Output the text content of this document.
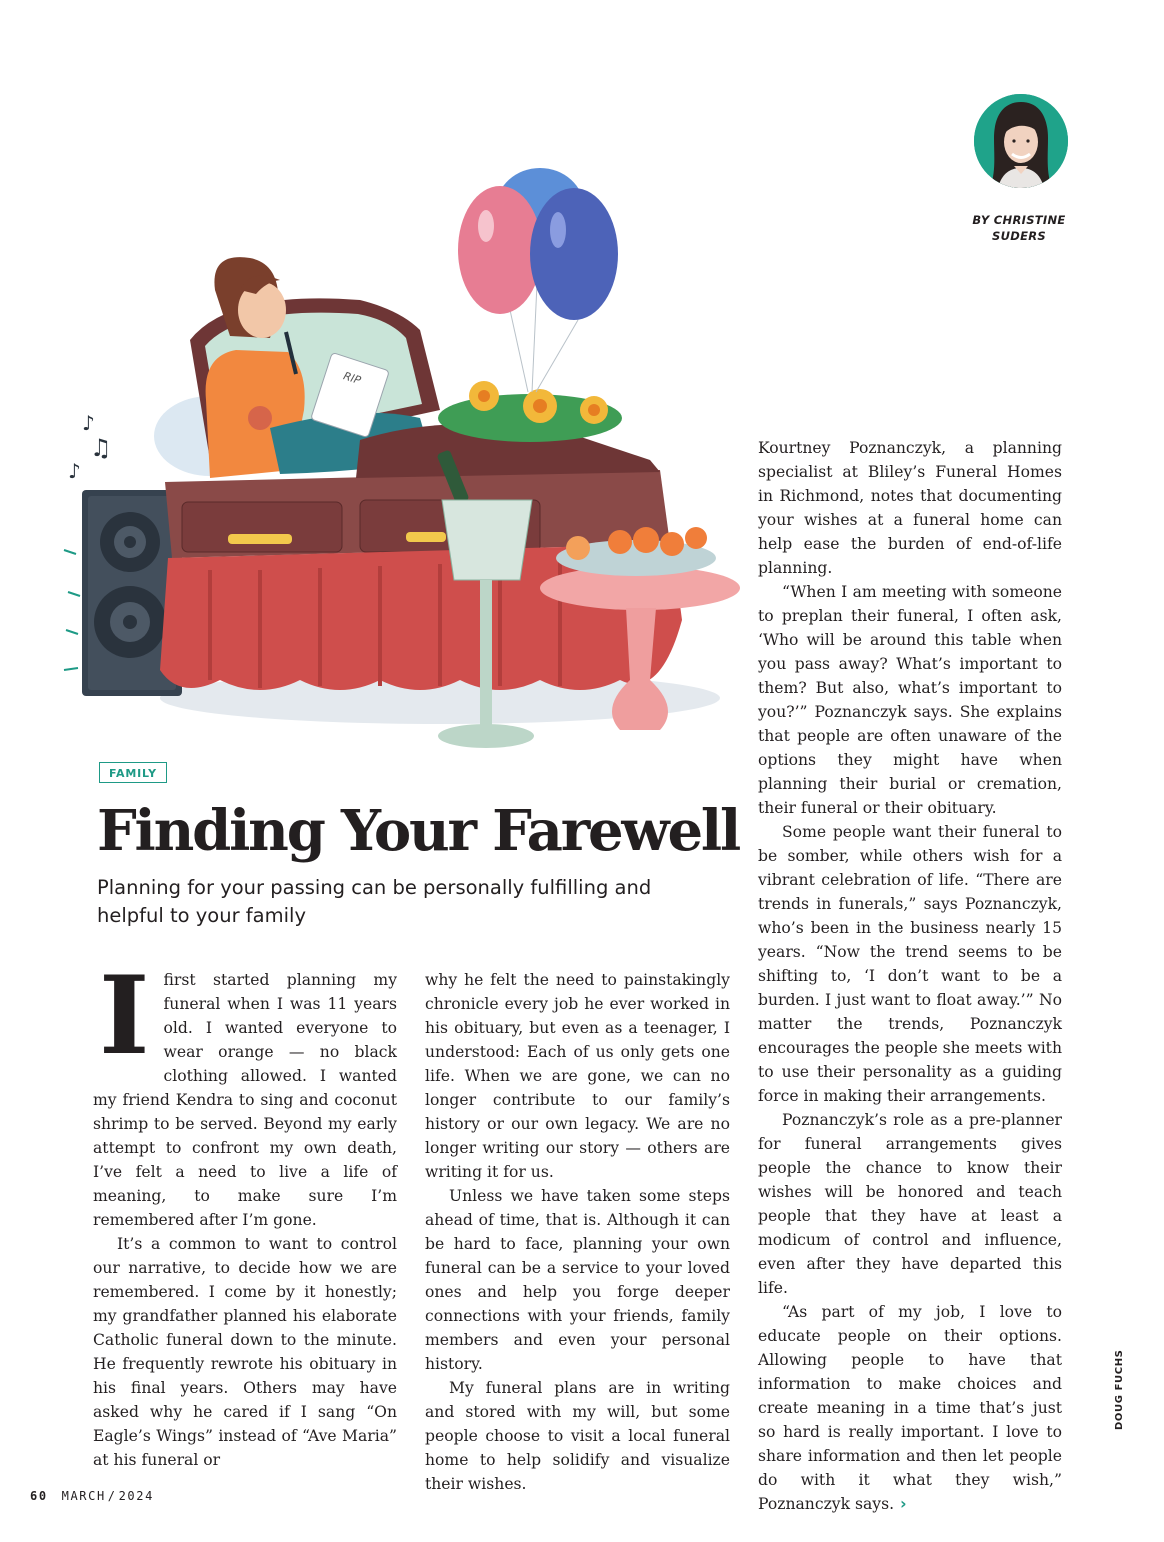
BY CHRISTINE
SUDERS
♪
♫
♪
RIP
FAMILY
Finding Your Farewell

Planning for your passing can be personally fulfilling and helpful to your family

Ifirst started planning my funeral when I was 11 years old. I wanted everyone to wear orange — no black clothing allowed. I wanted my friend Kendra to sing and coconut shrimp to be served. Beyond my early attempt to confront my own death, I’ve felt a need to live a life of meaning, to make sure I’m remembered after I’m gone.

It’s a common to want to control our narrative, to decide how we are remembered. I come by it honestly; my grandfather planned his elaborate Catholic funeral down to the minute. He frequently rewrote his obituary in his final years. Others may have asked why he cared if I sang “On Eagle’s Wings” instead of “Ave Maria” at his funeral or

why he felt the need to painstakingly chronicle every job he ever worked in his obituary, but even as a teenager, I understood: Each of us only gets one life. When we are gone, we can no longer contribute to our family’s history or our own legacy. We are no longer writing our story — others are writing it for us.

Unless we have taken some steps ahead of time, that is. Although it can be hard to face, planning your own funeral can be a service to your loved ones and help you forge deeper connections with your friends, family members and even your personal history.

My funeral plans are in writing and stored with my will, but some people choose to visit a local funeral home to help solidify and visualize their wishes.

Kourtney Poznanczyk, a planning specialist at Bliley’s Funeral Homes in Richmond, notes that documenting your wishes at a funeral home can help ease the burden of end-of-life planning.

“When I am meeting with someone to preplan their funeral, I often ask, ‘Who will be around this table when you pass away? What’s important to them? But also, what’s important to you?’” Poznanczyk says. She explains that people are often unaware of the options they might have when planning their burial or cremation, their funeral or their obituary.

Some people want their funeral to be somber, while others wish for a vibrant celebration of life. “There are trends in funerals,” says Poznanczyk, who’s been in the business nearly 15 years. “Now the trend seems to be shifting to, ‘I don’t want to be a burden. I just want to float away.’” No matter the trends, Poznanczyk encourages the people she meets with to use their personality as a guiding force in making their arrangements.

Poznanczyk’s role as a pre-planner for funeral arrangements gives people the chance to know their wishes will be honored and teach people that they have at least a modicum of control and influence, even after they have departed this life.

“As part of my job, I love to educate people on their options. Allowing people to have that information to make choices and create meaning in a time that’s just so hard is really important. I love to share information and then let people do with it what they wish,” Poznanczyk says. ›

DOUG FUCHS
60 MARCH / 2024
